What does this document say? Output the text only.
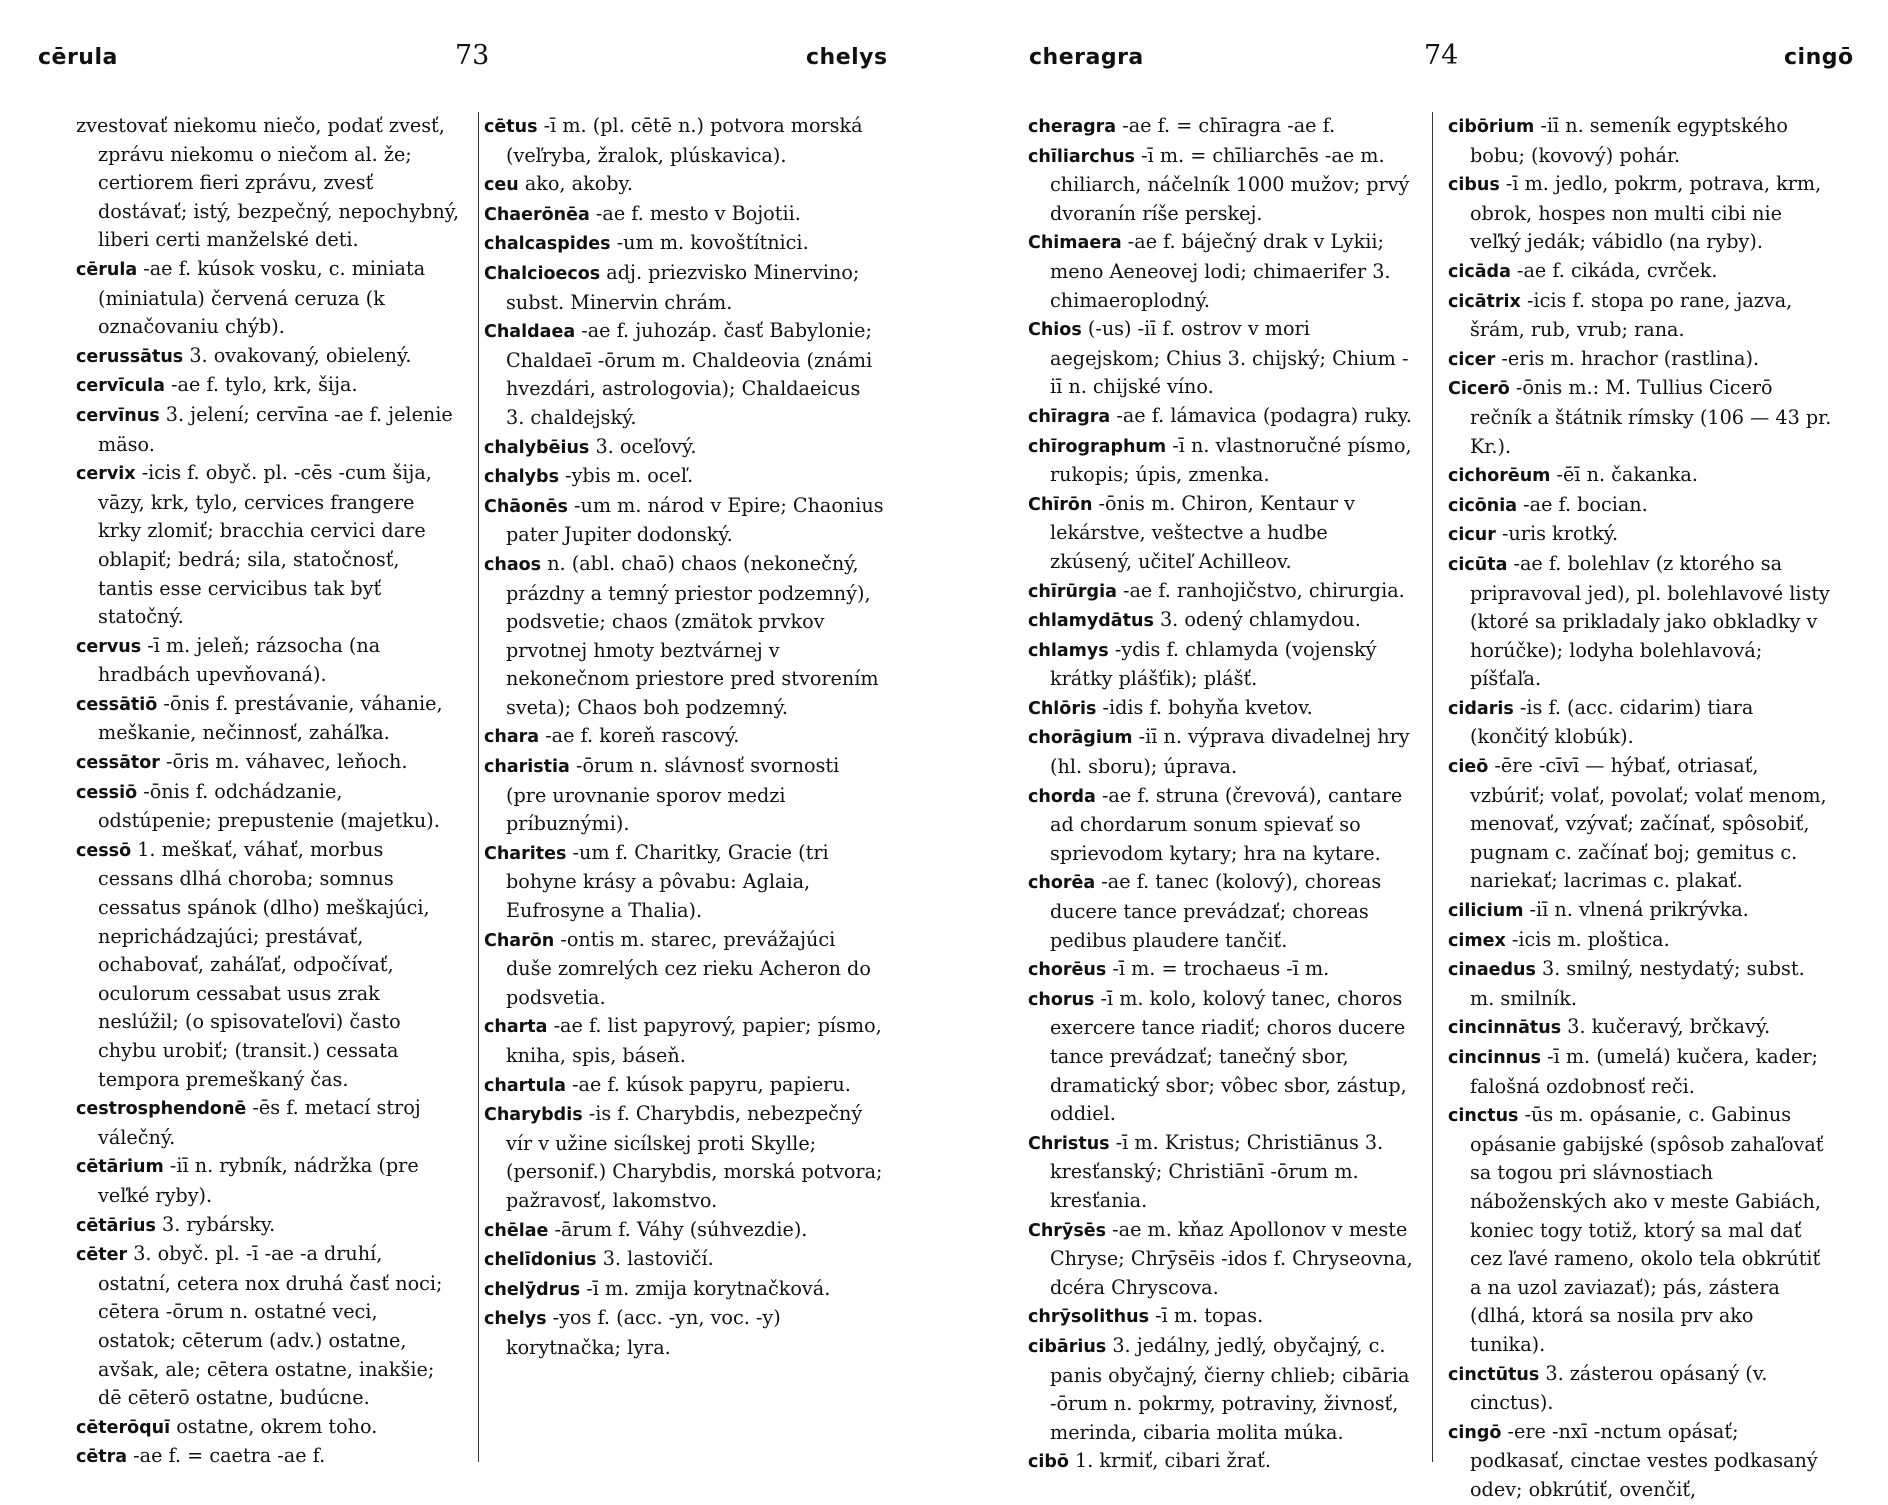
cērula	73	chelys

zvestovať niekomu niečo, podať zvesť, zprávu niekomu o niečom al. že; certiorem fieri zprávu, zvesť dostávať; istý, bezpečný, nepochybný, liberi certi manželské deti.

cērula -ae f. kúsok vosku, c. miniata (miniatula) červená ceruza (k označovaniu chýb).

cerussātus 3. ovakovaný, obielený.

cervīcula -ae f. tylo, krk, šija.

cervīnus 3. jelení; cervīna -ae f. jelenie mäso.

cervix -icis f. obyč. pl. -cēs -cum šija, vāzy, krk, tylo, cervices frangere krky zlomiť; bracchia cervici dare oblapiť; bedrá; sila, statočnosť, tantis esse cervicibus tak byť statočný.

cervus -ī m. jeleň; rázsocha (na hradbách upevňovaná).

cessātiō -ōnis f. prestávanie, váhanie, meškanie, nečinnosť, zaháľka.

cessātor -ōris m. váhavec, leňoch.

cessiō -ōnis f. odchádzanie, odstúpenie; prepustenie (majetku).

cessō 1. meškať, váhať, morbus cessans dlhá choroba; somnus cessatus spánok (dlho) meškajúci, neprichádzajúci; prestávať, ochabovať, zaháľať, odpočívať, oculorum cessabat usus zrak neslúžil; (o spisovateľovi) často chybu urobiť; (transit.) cessata tempora premeškaný čas.

cestrosphendonē -ēs f. metací stroj válečný.

cētārium -iī n. rybník, nádržka (pre veľké ryby).

cētārius 3. rybársky.

cēter 3. obyč. pl. -ī -ae -a druhí, ostatní, cetera nox druhá časť noci; cētera -ōrum n. ostatné veci, ostatok; cēterum (adv.) ostatne, avšak, ale; cētera ostatne, inakšie; dē cēterō ostatne, budúcne.

cēterōquī ostatne, okrem toho.

cētra -ae f. = caetra -ae f.

cētus -ī m. (pl. cētē n.) potvora morská (veľryba, žralok, plúskavica).

ceu ako, akoby.

Chaerōnēa -ae f. mesto v Bojotii.

chalcaspides -um m. kovoštítnici.

Chalcioecos adj. priezvisko Minervino; subst. Minervin chrám.

Chaldaea -ae f. juhozáp. časť Babylonie; Chaldaeī -ōrum m. Chaldeovia (známi hvezdári, astrologovia); Chaldaeicus 3. chaldejský.

chalybēius 3. oceľový.

chalybs -ybis m. oceľ.

Chāonēs -um m. národ v Epire; Chaonius pater Jupiter dodonský.

chaos n. (abl. chaō) chaos (nekonečný, prázdny a temný priestor podzemný), podsvetie; chaos (zmätok prvkov prvotnej hmoty beztvárnej v nekonečnom priestore pred stvorením sveta); Chaos boh podzemný.

chara -ae f. koreň rascový.

charistia -ōrum n. slávnosť svornosti (pre urovnanie sporov medzi príbuznými).

Charites -um f. Charitky, Gracie (tri bohyne krásy a pôvabu: Aglaia, Eufrosyne a Thalia).

Charōn -ontis m. starec, prevážajúci duše zomrelých cez rieku Acheron do podsvetia.

charta -ae f. list papyrový, papier; písmo, kniha, spis, báseň.

chartula -ae f. kúsok papyru, papieru.

Charybdis -is f. Charybdis, nebezpečný vír v užine sicílskej proti Skylle; (personif.) Charybdis, morská potvora; pažravosť, lakomstvo.

chēlae -ārum f. Váhy (súhvezdie).

chelīdonius 3. lastovičí.

chelȳdrus -ī m. zmija korytnačková.

chelys -yos f. (acc. -yn, voc. -y) korytnačka; lyra.

cheragra	74	cingō

cheragra -ae f. = chīragra -ae f.

chīliarchus -ī m. = chīliarchēs -ae m. chiliarch, náčelník 1000 mužov; prvý dvoranín ríše perskej.

Chimaera -ae f. báječný drak v Lykii; meno Aeneovej lodi; chimaerifer 3. chimaeroplodný.

Chios (-us) -iī f. ostrov v mori aegejskom; Chius 3. chijský; Chium -iī n. chijské víno.

chīragra -ae f. lámavica (podagra) ruky.

chīrographum -ī n. vlastnoručné písmo, rukopis; úpis, zmenka.

Chīrōn -ōnis m. Chiron, Kentaur v lekárstve, veštectve a hudbe zkúsený, učiteľ Achilleov.

chīrūrgia -ae f. ranhojičstvo, chirurgia.

chlamydātus 3. odený chlamydou.

chlamys -ydis f. chlamyda (vojenský krátky plášťik); plášť.

Chlōris -idis f. bohyňa kvetov.

chorāgium -iī n. výprava divadelnej hry (hl. sboru); úprava.

chorda -ae f. struna (črevová), cantare ad chordarum sonum spievať so sprievodom kytary; hra na kytare.

chorēa -ae f. tanec (kolový), choreas ducere tance prevádzať; choreas pedibus plaudere tančiť.

chorēus -ī m. = trochaeus -ī m.

chorus -ī m. kolo, kolový tanec, choros exercere tance riadiť; choros ducere tance prevádzať; tanečný sbor, dramatický sbor; vôbec sbor, zástup, oddiel.

Christus -ī m. Kristus; Christiānus 3. kresťanský; Christiānī -ōrum m. kresťania.

Chrȳsēs -ae m. kňaz Apollonov v meste Chryse; Chrȳsēis -idos f. Chryseovna, dcéra Chryscova.

chrȳsolithus -ī m. topas.

cibārius 3. jedálny, jedlý, obyčajný, c. panis obyčajný, čierny chlieb; cibāria -ōrum n. pokrmy, potraviny, živnosť, merinda, cibaria molita múka.

cibō 1. krmiť, cibari žrať.

cibōrium -iī n. semeník egyptského bobu; (kovový) pohár.

cibus -ī m. jedlo, pokrm, potrava, krm, obrok, hospes non multi cibi nie veľký jedák; vábidlo (na ryby).

cicāda -ae f. cikáda, cvrček.

cicātrix -icis f. stopa po rane, jazva, šrám, rub, vrub; rana.

cicer -eris m. hrachor (rastlina).

Cicerō -ōnis m.: M. Tullius Cicerō rečník a štátnik rímsky (106 — 43 pr. Kr.).

cichorēum -ēī n. čakanka.

cicōnia -ae f. bocian.

cicur -uris krotký.

cicūta -ae f. bolehlav (z ktorého sa pripravoval jed), pl. bolehlavové listy (ktoré sa prikladaly jako obkladky v horúčke); lodyha bolehlavová; píšťaľa.

cidaris -is f. (acc. cidarim) tiara (končitý klobúk).

cieō -ēre -cīvī — hýbať, otriasať, vzbúriť; volať, povolať; volať menom, menovať, vzývať; začínať, spôsobiť, pugnam c. začínať boj; gemitus c. nariekať; lacrimas c. plakať.

cilicium -iī n. vlnená prikrývka.

cimex -icis m. ploštica.

cinaedus 3. smilný, nestydatý; subst. m. smilník.

cincinnātus 3. kučeravý, brčkavý.

cincinnus -ī m. (umelá) kučera, kader; falošná ozdobnosť reči.

cinctus -ūs m. opásanie, c. Gabinus opásanie gabijské (spôsob zahaľovať sa togou pri slávnostiach náboženských ako v meste Gabiách, koniec togy totiž, ktorý sa mal dať cez ľavé rameno, okolo tela obkrútiť a na uzol zaviazať); pás, zástera (dlhá, ktorá sa nosila prv ako tunika).

cinctūtus 3. zásterou opásaný (v. cinctus).

cingō -ere -nxī -nctum opásať; podkasať, cinctae vestes podkasaný odev; obkrútiť, ovenčiť,
